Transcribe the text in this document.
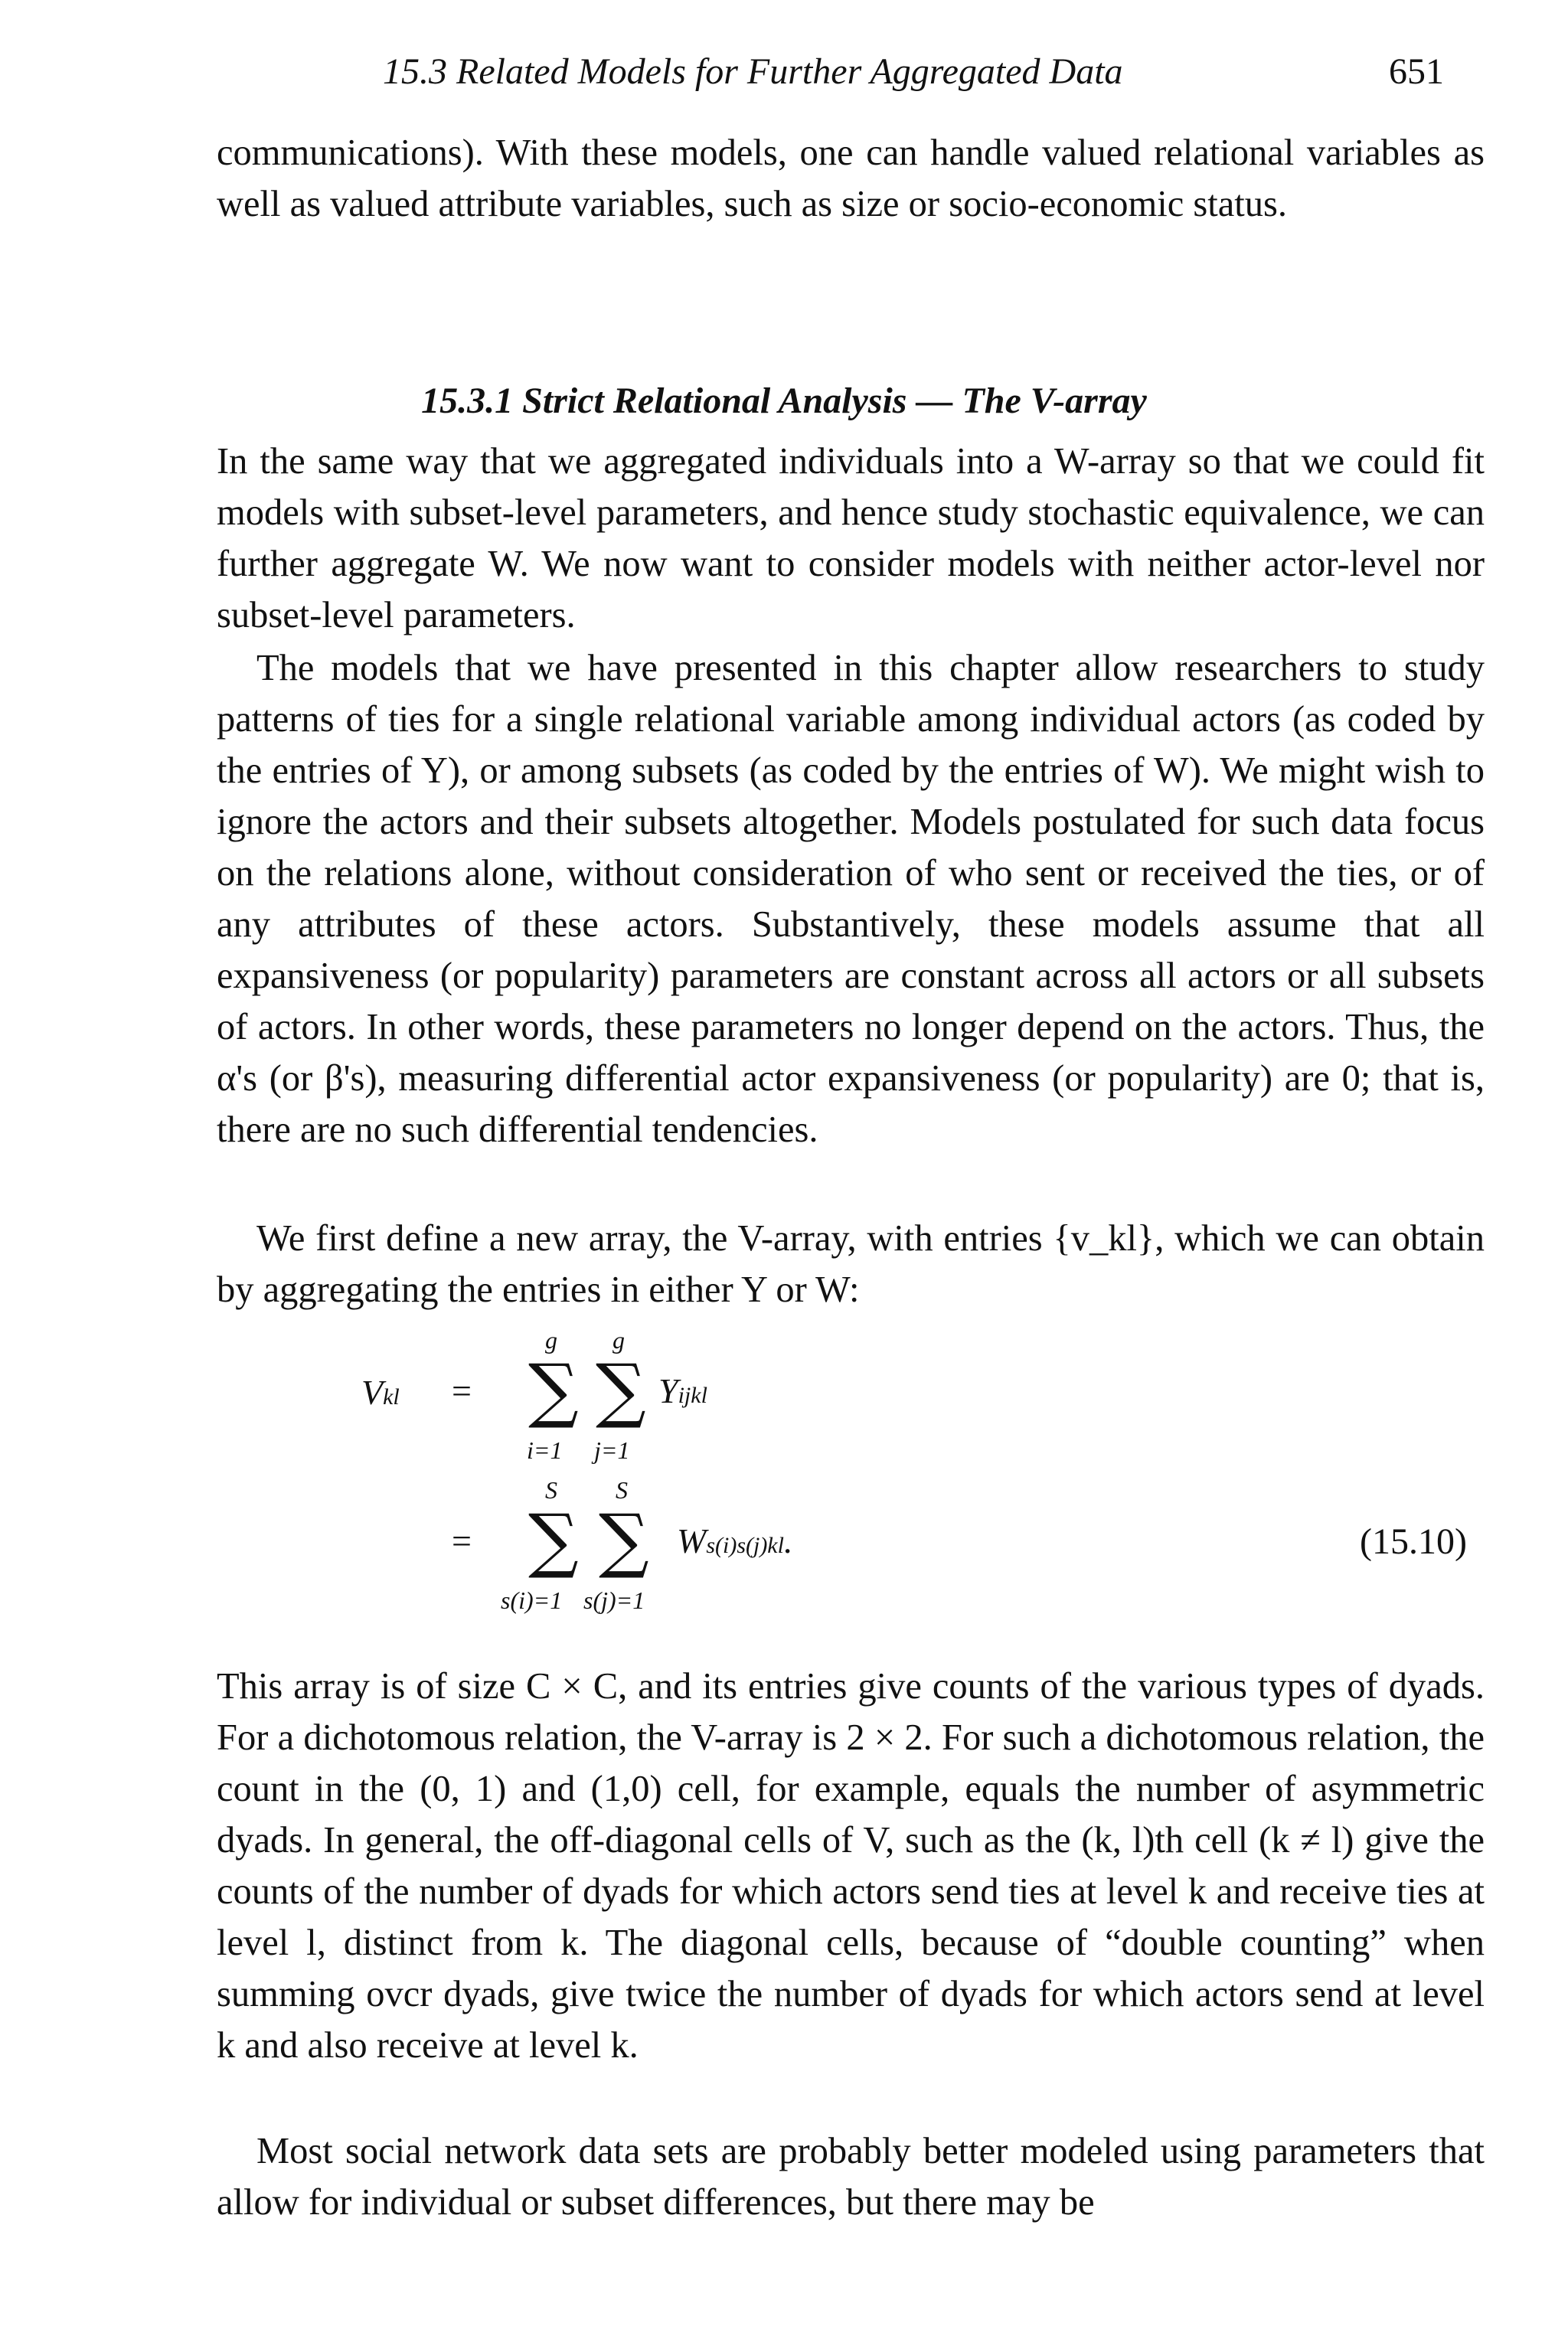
15.3 Related Models for Further Aggregated Data	651

communications). With these models, one can handle valued relational variables as well as valued attribute variables, such as size or socio-economic status.

15.3.1 Strict Relational Analysis — The V-array

In the same way that we aggregated individuals into a W-array so that we could fit models with subset-level parameters, and hence study stochastic equivalence, we can further aggregate W. We now want to consider models with neither actor-level nor subset-level parameters.

The models that we have presented in this chapter allow researchers to study patterns of ties for a single relational variable among individual actors (as coded by the entries of Y), or among subsets (as coded by the entries of W). We might wish to ignore the actors and their subsets altogether. Models postulated for such data focus on the relations alone, without consideration of who sent or received the ties, or of any attributes of these actors. Substantively, these models assume that all expansiveness (or popularity) parameters are constant across all actors or all subsets of actors. In other words, these parameters no longer depend on the actors. Thus, the α's (or β's), measuring differential actor expansiveness (or popularity) are 0; that is, there are no such differential tendencies.

We first define a new array, the V-array, with entries {v_kl}, which we can obtain by aggregating the entries in either Y or W:

Vkl =
g
∑
i=1
g
∑
j=1
Yijkl
=
S
∑
s(i)=1
S
∑
s(j)=1
Ws(i)s(j)kl.	(15.10)

This array is of size C × C, and its entries give counts of the various types of dyads. For a dichotomous relation, the V-array is 2 × 2. For such a dichotomous relation, the count in the (0, 1) and (1,0) cell, for example, equals the number of asymmetric dyads. In general, the off-diagonal cells of V, such as the (k, l)th cell (k ≠ l) give the counts of the number of dyads for which actors send ties at level k and receive ties at level l, distinct from k. The diagonal cells, because of “double counting” when summing ovcr dyads, give twice the number of dyads for which actors send at level k and also receive at level k.

Most social network data sets are probably better modeled using parameters that allow for individual or subset differences, but there may be
